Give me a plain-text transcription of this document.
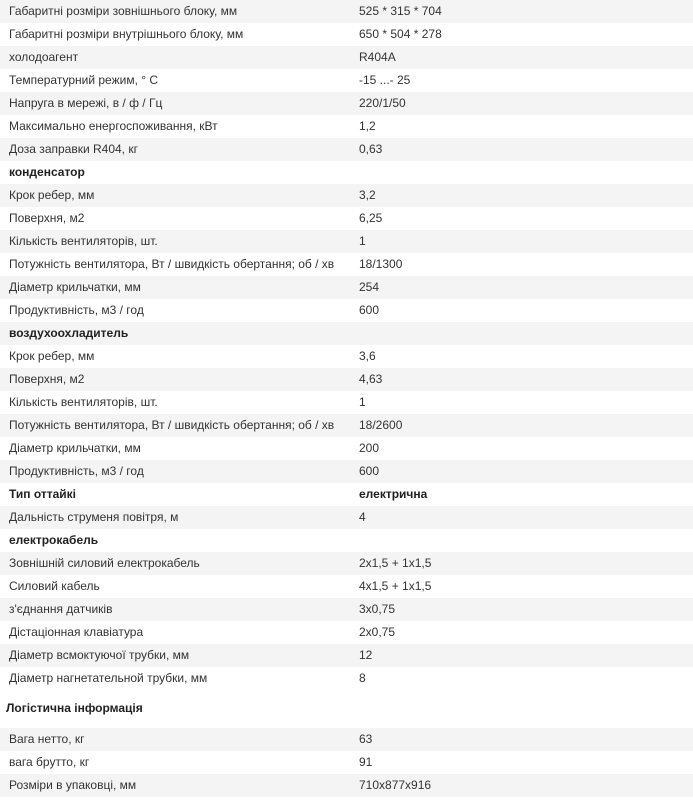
Габаритні розміри зовнішнього блоку, мм	525 * 315 * 704
Габаритні розміри внутрішнього блоку, мм	650 * 504 * 278
холодоагент	R404A
Температурний режим, ° С	-15 ...- 25
Напруга в мережі, в / ф / Гц	220/1/50
Максимально енергоспоживання, кВт	1,2
Доза заправки R404, кг	0,63
конденсатор	
Крок ребер, мм	3,2
Поверхня, м2	6,25
Кількість вентиляторів, шт.	1
Потужність вентилятора, Вт / швидкість обертання; об / хв	18/1300
Діаметр крильчатки, мм	254
Продуктивність, м3 / год	600
воздухоохладитель	
Крок ребер, мм	3,6
Поверхня, м2	4,63
Кількість вентиляторів, шт.	1
Потужність вентилятора, Вт / швидкість обертання; об / хв	18/2600
Діаметр крильчатки, мм	200
Продуктивність, м3 / год	600
Тип оттайкі	електрична
Дальність струменя повітря, м	4
електрокабель	
Зовнішній силовий електрокабель	2х1,5 + 1х1,5
Силовий кабель	4х1,5 + 1х1,5
з'єднання датчиків	3х0,75
Дістаціонная клавіатура	2х0,75
Діаметр всмоктуючої трубки, мм	12
Діаметр нагнетательной трубки, мм	8
Логістична інформація
Вага нетто, кг	63
вага брутто, кг	91
Розміри в упаковці, мм	710х877х916
